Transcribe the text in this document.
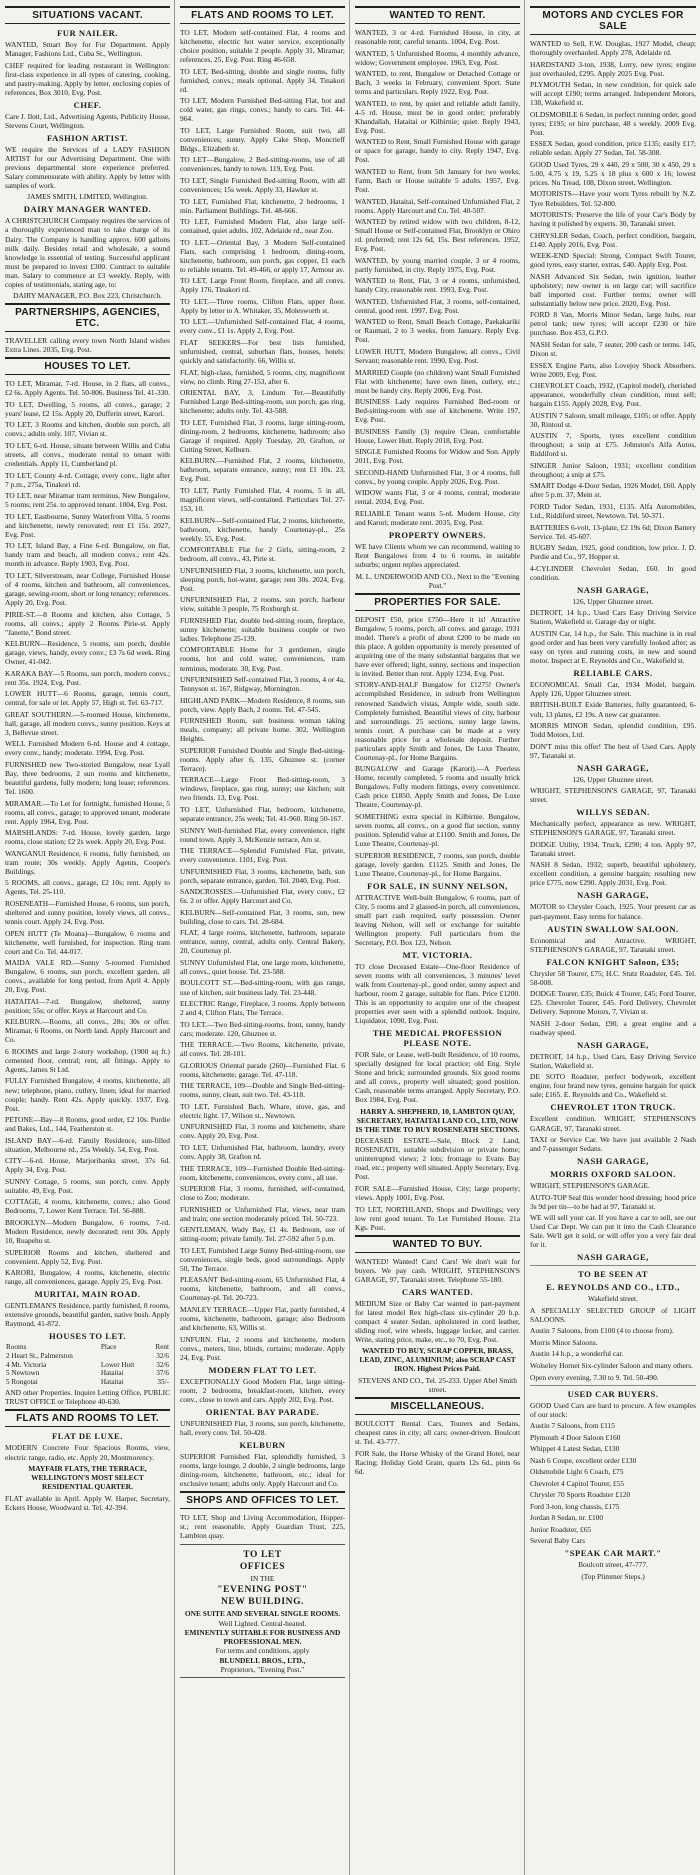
SITUATIONS VACANT.
FUR NAILER.

WANTED, Smart Boy for Fur Department. Apply Manager, Fashions Ltd., Cuba St., Wellington.

CHEF required for leading restaurant in Wellington: first-class experience in all types of catering, cooking, and pastry-making. Apply by letter, enclosing copies of references, Box 3010, Evg. Post.

CHEF.

Care J. Ilott, Ltd., Advertising Agents, Publicity House, Stevens Court, Wellington.

FASHION ARTIST.

WE require the Services of a LADY FASHION ARTIST for our Advertising Department. One with previous departmental store experience preferred. Salary commensurate with ability. Apply by letter with samples of work.

JAMES SMITH, LIMITED, Wellington.

DAIRY MANAGER WANTED.

A CHRISTCHURCH Company requires the services of a thoroughly experienced man to take charge of its Dairy. The Company is handling approx. 600 gallons milk daily. Besides retail and wholesale, a sound knowledge is essential of testing. Successful applicant must be prepared to invest £300. Contract to suitable man. Salary to commence at £3 weekly. Reply, with copies of testimonials, stating age, to:

DAIRY MANAGER, P.O. Box 223, Christchurch.

PARTNERSHIPS, AGENCIES, ETC.

TRAVELLER calling every town North Island wishes Extra Lines. 2035, Evg. Post.

HOUSES TO LET.

TO LET, Miramar, 7-rd. House, in 2 flats, all convs., £2 6s. Apply Agents. Tel. 50-806. Business Tel. 41-330.

TO LET, Dwelling, 5 rooms, all convs., garage; 2 years' lease, £2 15s. Apply 20, Dufferin street, Karori.

TO LET, 3 Rooms and kitchen, double sun porch, all convs.; adults only. 107, Vivian st.

TO LET, 6-rd. House, situate between Willis and Cuba streets, all convs., moderate rental to tenant with credentials. Apply 11, Cumberland pl.

TO LET, County 4-rd. Cottage, every conv., light after 7 p.m., 275a, Tinakori rd.

TO LET, near Miramar tram terminus, New Bungalow, 5 rooms; rent 25s. to approved tenant. 1004, Evg. Post.

TO LET, Eastbourne, Sunny Waterfront Villa, 5 rooms and kitchenette, newly renovated; rent £1 15s. 2027, Evg. Post.

TO LET, Island Bay, a Fine 6-rd. Bungalow, on flat, handy tram and beach, all modern convs.; rent 42s. month in advance. Reply 1903, Evg. Post.

TO LET, Silverstream, near College, Furnished House of 4 rooms, kitchen and bathroom, all conveniences, garage, sewing-room, short or long tenancy; references. Apply 20, Evg. Post.

PIRIE-ST.—8 Rooms and kitchen, also Cottage, 5 rooms, all convs.; apply 2 Rooms Pirie-st. Apply "Janette," Bond street.

KELBURN—Residence, 5 rooms, sun porch, double garage, views, handy, every conv.; £3 7s 6d week. Ring Owner, 41-042.

KARAKA BAY—5 Rooms, sun porch, modern convs.; rent 35s. 1924, Evg. Post.

LOWER HUTT—6 Rooms, garage, tennis court, central, for sale or let. Apply 57, High st. Tel. 63-717.

GREAT SOUTHERN.—5-roomed House, kitchenette, hall, garage, all modern convs., sunny position. Keys at 3, Bellevue street.

WELL Furnished Modern 6-rd. House and 4 cottage, every conv., handy; moderate. 1994, Evg. Post.

FURNISHED new Two-storied Bungalow, near Lyall Bay, three bedrooms, 2 sun rooms and kitchenette, beautiful gardens, fully modern; long lease; references. Tel. 1600.

MIRAMAR.—To Let for fortnight, furnished House, 5 rooms, all convs., garage; to approved tenant, moderate rent. Apply 1964, Evg. Post.

MARSHLANDS: 7-rd. House, lovely garden, large rooms, close station; £2 2s week. Apply 20, Evg. Post.

WANGANUI Residence, 6 rooms, fully furnished, on tram route; 30s weekly. Apply Agents, Cooper's Buildings.

5 ROOMS, all convs., garage, £2 10s; rent. Apply to Agents, Tel. 25-110.

ROSENEATH—Furnished House, 6 rooms, sun porch, sheltered and sunny position, lovely views, all convs., tennis court. Apply 24, Evg. Post.

OPEN HUTT (Te Moana)—Bungalow, 6 rooms and kitchenette, well furnished, for inspection. Ring tram court and Co. Tel. 44-017.

MAIDA VALE RD.—Sunny 5-roomed Furnished Bungalow, 6 rooms, sun porch, excellent garden, all convs., available for long period, from April 4. Apply 20, Evg. Post.

HATAITAI—7-rd. Bungalow, sheltered, sunny position; 55s; or offer. Keys at Harcourt and Co.

KELBURN.—Rooms, all convs., 28s; 30s or offer. Miramar, 6 Rooms, on North land. Apply Harcourt and Co.

6 ROOMS and large 2-story workshop, (1900 sq ft.) cemented floor, central; rent, all fittings. Apply to Agents, James St Ltd.

FULLY Furnished Bungalow, 4 rooms, kitchenette, all new; telephone, piano, cutlery, linen; ideal for married couple; handy. Rent 42s. Apply quickly. 1937, Evg. Post.

PETONE—Bay—8 Rooms, good order, £2 10s. Purdie and Bakes, Ltd., 144, Featherston st.

ISLAND BAY—6-rd. Family Residence, sun-filled situation, Melbourne rd., 25s Weekly. 54, Evg. Post.

CITY—6-rd. House, Marjoribanks street, 37s 6d. Apply 34, Evg. Post.

SUNNY Cottage, 5 rooms, sun porch, conv. Apply suitable. 49, Evg. Post.

COTTAGE, 4 rooms, kitchenette, convs.; also Good Bedrooms, 7, Lower Kent Terrace. Tel. 56-888.

BROOKLYN—Modern Bungalow, 6 rooms, 7-rd. Modern Residence, newly decorated; rent 30s. Apply 10, Ruapehu st.

SUPERIOR Rooms and kitchen, sheltered and convenient. Apply 52, Evg. Post.

KARORI, Bungalow, 4 rooms, kitchenette, electric range, all conveniences, garage. Apply 25, Evg. Post.

MURITAI, MAIN ROAD.

GENTLEMAN'S Residence, partly furnished, 8 rooms, extensive grounds, beautiful garden, native bush. Apply Raymond, 41-872.

HOUSES TO LET.
Rooms	Place	Rent
2 Heart St., Palmerston		32/6
4 Mt. Victoria	Lower Hutt	32/6
5 Newtown	Hataitai	37/6
5 Rongotai	Hataitai	35/-

AND other Properties. Inquire Letting Office, PUBLIC TRUST OFFICE or Telephone 40-630.

FLATS AND ROOMS TO LET.
FLAT DE LUXE.

MODERN Concrete Four Spacious Rooms, view, electric range, radio, etc. Apply 20, Montmorency.

MAYFAIR FLATS, THE TERRACE, WELLINGTON'S MOST SELECT RESIDENTIAL QUARTER.

FLAT available in April. Apply W. Harper, Secretary, Eckers House, Woodward st. Tel. 42-394.

FLATS AND ROOMS TO LET.

TO LET, Modern self-contained Flat, 4 rooms and kitchenette, electric hot water service, exceptionally choice position, suitable 2 people. Apply 31, Miramar; references, 25, Evg. Post. Ring 46-658.

TO LET, Bed-sitting, double and single rooms, fully furnished, convs.; meals optional. Apply 34, Tinakori rd.

TO LET, Modern Furnished Bed-sitting Flat, hot and cold water, gas rings, convs.; handy to cars. Tel. 44-964.

TO LET, Large Furnished Room, suit two, all conveniences; sunny. Apply Cake Shop, Moncrieff Bldgs., Elizabeth st.

TO LET—Bungalow, 2 Bed-sitting-rooms, use of all conveniences, handy to town. 119, Evg. Post.

TO LET, Single Furnished Bed-sitting Room, with all conveniences; 15s week. Apply 33, Hawker st.

TO LET, Furnished Flat, kitchenette, 2 bedrooms, 1 min. Parliament Buildings. Tel. 48-666.

TO LET, Furnished Modern Flat, also large self-contained, quiet adults. 102, Adelaide rd., near Zoo.

TO LET.—Oriental Bay, 3 Modern Self-contained Flats, each comprising 1 bedroom, dining-room, kitchenette, bathroom, sun porch, gas copper, £1 each to reliable tenants. Tel. 49-466, or apply 17, Armour av.

TO LET, Large Front Room, fireplace, and all convs. Apply 176, Tinakori rd.

TO LET.—Three rooms, Clifton Flats, upper floor. Apply by letter to A. Whitaker, 35, Molesworth st.

TO LET.—Unfurnished Self-contained Flat, 4 rooms, every conv., £1 1s. Apply 2, Evg. Post.

FLAT SEEKERS—For best lists furnished, unfurnished, central, suburban flats, houses, hotels: quickly and satisfactorily. 66, Willis st.

FLAT, high-class, furnished, 5 rooms, city, magnificent view, no climb. Ring 27-153, after 6.

ORIENTAL BAY, 3, Lindum Ter.—Beautifully Furnished Large Bed-sitting-room, sun porch, gas ring, kitchenette; adults only. Tel. 43-588.

TO LET, Furnished Flat, 3 rooms, large sitting-room, dining-room, 2 bedrooms, kitchenette, bathroom; also Garage if required. Apply Tuesday, 20, Grafton, or Cutting Street, Kelburn.

KELBURN.—Furnished Flat, 2 rooms, kitchenette, bathroom, separate entrance, sunny; rent £1 10s. 23, Evg. Post.

TO LET, Partly Furnished Flat, 4 rooms, 5 in all, magnificent views, self-contained. Particulars Tel. 27-153, 10.

KELBURN—Self-contained Flat, 2 rooms, kitchenette, bathroom, kitchenette, handy Courtenay-pl., 25s weekly. 55, Evg. Post.

COMFORTABLE Flat for 2 Girls, sitting-room, 2 bedroom, all convs., 43, Pirie st.

UNFURNISHED Flat, 3 rooms, kitchenette, sun porch, sleeping porch, hot-water, garage; rent 30s. 2024, Evg. Post.

UNFURNISHED Flat, 2 rooms, sun porch, harbour view, suitable 3 people, 75 Roxburgh st.

FURNISHED Flat, double bed-sitting room, fireplace, sunny kitchenette; suitable business couple or two ladies. Telephone 25-139.

COMFORTABLE Home for 3 gentlemen, single rooms, hot and cold water, conveniences, tram terminus, moderate. 30, Evg. Post.

UNFURNISHED Self-contained Flat, 3 rooms, 4 or 4a, Tennyson st. 167, Ridgway, Mornington.

HIGHLAND PARK—Modern Residence, 8 rooms, sun porch, view. Apply Bach, 2 rooms. Tel. 47-545.

FURNISHED Room, suit business woman taking meals, company; all private home. 302, Wellington Heights.

SUPERIOR Furnished Double and Single Bed-sitting-rooms. Apply after 6, 135, Ghuznee st. (corner Terrace).

TERRACE—Large Front Bed-sitting-room, 3 windows, fireplace, gas ring, sunny; use kitchen; suit two friends. 13, Evg. Post.

TO LET, Unfurnished Flat, bedroom, kitchenette, separate entrance, 25s week; Tel. 41-960. Ring 50-167.

SUNNY Well-furnished Flat, every convenience, right round town. Apply 3, McKenzie terrace, Aro st.

THE TERRACE—Splendid Furnished Flat, private, every convenience. 1101, Evg. Post.

UNFURNISHED Flat, 3 rooms, kitchenette, bath, sun porch, separate entrance, garden. Tel. 2040, Evg. Post.

SANDCROSSES.—Unfurnished Flat, every conv., £2 6s. 2 or offer. Apply Harcourt and Co.

KELBURN—Self-contained Flat, 3 rooms, sun, new building, close to cars. Tel. 28-684.

FLAT, 4 large rooms, kitchenette, bathroom, separate entrance, sunny, central, adults only. Central Bakery, 20, Courtenay pl.

SUNNY Unfurnished Flat, one large room, kitchenette, all convs., quiet house. Tel. 23-588.

BOULCOTT ST.—Bed-sitting-room, with gas range, use of kitchen, suit business lady. Tel. 23-448.

ELECTRIC Range, Fireplace, 3 rooms. Apply between 2 and 4, Clifton Flats, The Terrace.

TO LET.—Two Bed-sitting-rooms, front, sunny, handy cars; moderate. 120, Ghuznee st.

THE TERRACE.—Two Rooms, kitchenette, private, all convs. Tel. 28-101.

GLORIOUS Oriental parade (260)—Furnished Flat. 6 rooms, kitchenette; garage. Tel. 47-118.

THE TERRACE, 109—Double and Single Bed-sitting-rooms, sunny, clean, suit two. Tel. 43-118.

TO LET, Furnished Bach, Whare, stove, gas, and electric light. 17, Wilson st., Newtown.

UNFURNISHED Flat, 3 rooms and kitchenette, share conv. Apply 20, Evg. Post.

TO LET, Unfurnished Flat, bathroom, laundry, every conv. Apply 38, Grafton rd.

THE TERRACE, 109—Furnished Double Bed-sitting-room, kitchenette, conveniences, every conv., all use.

SUPERIOR Flat, 3 rooms, furnished, self-contained, close to Zoo; moderate.

FURNISHED or Unfurnished Flat, views, near tram and train; one section moderately priced. Tel. 50-723.

GENTLEMAN, Wady Bay, £1 4s. Bedroom, use of sitting-room; private family. Tel. 27-592 after 5 p.m.

TO LET, Furnished Large Sunny Bed-sitting-room, use conveniences, single beds, good surroundings. Apply 50, The Terrace.

PLEASANT Bed-sitting-room, 65 Unfurnished Flat, 4 rooms, kitchenette, bathroom, and all convs., Courtenay-pl. Tel. 20-723.

MANLEY TERRACE—Upper Flat, partly furnished, 4 rooms, kitchenette, bathroom, garage; also Bedroom and kitchenette, 63, Willis st.

UNFURN. Flat, 2 rooms and kitchenette, modern convs., meters, lino, blinds, curtains; moderate. Apply 24, Evg. Post.

MODERN FLAT TO LET.

EXCEPTIONALLY Good Modern Flat, large sitting-room, 2 bedrooms, breakfast-room, kitchen, every conv., close to town and cars. Apply 202, Evg. Post.

ORIENTAL BAY PARADE.

UNFURNISHED Flat, 3 rooms, sun porch, kitchenette, hall, every conv. Tel. 50-428.

KELBURN

SUPERIOR Furnished Flat, splendidly furnished, 3 rooms, large lounge, 2 double, 2 single bedrooms, large dining-room, kitchenette, bathroom, etc.; ideal for exclusive tenant; adults only. Apply Harcourt and Co.

SHOPS AND OFFICES TO LET.

TO LET, Shop and Living Accommodation, Hopper-st.; rent reasonable. Apply Guardian Trust, 225, Lambton quay.

TO LET
OFFICES
IN THE
"EVENING POST"
NEW BUILDING.
ONE SUITE AND SEVERAL SINGLE ROOMS.
Well Lighted. Central-heated.
EMINENTLY SUITABLE FOR BUSINESS AND PROFESSIONAL MEN.
For terms and conditions, apply
BLUNDELL BROS., LTD.,
Proprietors, "Evening Post."
WANTED TO RENT.

WANTED, 3 or 4-rd. Furnished House, in city, at reasonable rent; careful tenants. 1004, Evg. Post.

WANTED, 5 Unfurnished Rooms, 4 monthly advance, widow; Government employee. 1963, Evg. Post.

WANTED, to rent, Bungalow or Detached Cottage or Bach, 3 weeks in February, convenient Sport. State terms and particulars. Reply 1922, Evg. Post.

WANTED, to rent, by quiet and reliable adult family, 4-5 rd. House, must be in good order; preferably Khandallah, Hataitai or Kilbirnie; quiet. Reply 1943, Evg. Post.

WANTED to Rent, Small Furnished House with garage or space for garage, handy to city. Reply 1947, Evg. Post.

WANTED to Rent, from 5th January for two weeks, Farm, Bach or House suitable 5 adults. 1957, Evg. Post.

WANTED, Hataitai, Self-contained Unfurnished Flat, 2 rooms. Apply Harcourt and Co. Tel. 40-507.

WANTED by retired widow with two children, 8-12, Small House or Self-contained Flat, Brooklyn or Ohiro rd. preferred; rent 12s 6d, 15s. Best references. 1952, Evg. Post.

WANTED, by young married couple, 3 or 4 rooms, partly furnished, in city. Reply 1975, Evg. Post.

WANTED to Rent, Flat, 3 or 4 rooms, unfurnished, handy City, reasonable rent. 1993, Evg. Post.

WANTED, Unfurnished Flat, 3 rooms, self-contained, central, good rent. 1997, Evg. Post.

WANTED to Rent, Small Beach Cottage, Paekakariki or Raumati, 2 to 3 weeks, from January. Reply Evg. Post.

LOWER HUTT, Modern Bungalow, all convs., Civil Servant; reasonable rent. 1990, Evg. Post.

MARRIED Couple (no children) want Small Furnished Flat with kitchenette; have own linen, cutlery, etc.; must be handy city. Reply 2006, Evg. Post.

BUSINESS Lady requires Furnished Bed-room or Bed-sitting-room with use of kitchenette. Write 197, Evg. Post.

BUSINESS Family (3) require Clean, comfortable House, Lower Hutt. Reply 2018, Evg. Post.

SINGLE Furnished Rooms for Widow and Son. Apply 2011, Evg. Post.

SECOND-HAND Unfurnished Flat, 3 or 4 rooms, full convs., by young couple. Apply 2026, Evg. Post.

WIDOW wants Flat, 3 or 4 rooms, central, moderate rental. 2034, Evg. Post.

RELIABLE Tenant wants 5-rd. Modern House, city and Karori; moderate rent. 2035, Evg. Post.

PROPERTY OWNERS.

WE have Clients whom we can recommend, waiting to Rent Bungalows from 4 to 6 rooms, in suitable suburbs; urgent replies appreciated.

M. L. UNDERWOOD AND CO., Next to the "Evening Post."

PROPERTIES FOR SALE.

DEPOSIT £50, price £750—Here it is! Attractive Bungalow, 5 rooms, porch, all convs. and garage, 1931 model. There's a profit of about £200 to be made on this place. A golden opportunity is merely presented of acquiring one of the many substantial bargains that we have ever offered; light, sunny, sections and inspection is invited. Better than rent. Apply 1234, Evg. Post.

STORY-AND-HALF Bungalow for £1275! Owner's accomplished Residence, in suburb from Wellington renowned Sandwich vistas, Ample wide, south side. Completely furnished. Beautiful views of city, harbour and surroundings. 25 sections, sunny large lawns, tennis court. A purchase can be made at a very reasonable price for a wholesale deposit. Further particulars apply Smith and Jones, De Luxe Theatre, Courtenay-pl., for Home Bargains.

BUNGALOW and Garage (Karori).—A Peerless Home, recently completed, 5 rooms and usually brick Bungalows, Fully modern fittings, every convenience. Cash price £1850. Apply Smith and Jones, De Luxe Theatre, Courtenay-pl.

SOMETHING extra special in Kilbirnie. Bungalow, seven rooms, all convs., on a good flat section, sunny position. Splendid value at £1100. Smith and Jones, De Luxe Theatre, Courtenay-pl.

SUPERIOR RESIDENCE, 7 rooms, sun porch, double garage, lovely garden. £1125. Smith and Jones, De Luxe Theatre, Courtenay-pl., for Home Bargains.

FOR SALE, IN SUNNY NELSON,

ATTRACTIVE Well-built Bungalow, 6 rooms, part of City, 5 rooms and 2 glassed-in porch, all conveniences, small part cash required, early possession. Owner leaving Nelson, will sell or exchange for suitable Wellington property. Full particulars from the Secretary, P.O. Box 123, Nelson.

MT. VICTORIA.

TO close Deceased Estate—One-floor Residence of seven rooms with all conveniences, 3 minutes' level walk from Courtenay-pl., good order, sunny aspect and harbour, room 2 garage, suitable for flats. Price £1200. This is an opportunity to acquire one of the cheapest properties ever seen with a splendid outlook. Inquire, Liquidator, 1090, Evg. Post.

THE MEDICAL PROFESSION PLEASE NOTE.

FOR Sale, or Lease, well-built Residence, of 10 rooms, specially designed for local practice; old Eng. Style Stone and brick; surrounded grounds. Six good rooms and all convs., property well situated; good position. Cash, reasonable terms arranged. Apply Secretary, P.O. Box 1984, Evg. Post.

HARRY A. SHEPHERD, 10, LAMBTON QUAY, SECRETARY, HATAITAI LAND CO., LTD, NOW IS THE TIME TO BUY ROSENEATH SECTIONS.

DECEASED ESTATE—Sale, Block 2 Land, ROSENEATH, suitable subdivision or private home; uninterrupted views; 2 lots; frontage to Evans Bay road, etc.; property well situated. Apply Secretary, Evg. Post.

FOR SALE—Furnished House, City; large property; views. Apply 1001, Evg. Post.

TO LET, NORTHLAND, Shops and Dwellings; very low rent good tenant. To Let Furnished House. 21a Kgs. Post.

WANTED TO BUY.

WANTED! Wanted! Cars! Cars! We don't wait for buyers. We pay cash. WRIGHT, STEPHENSON'S GARAGE, 97, Taranaki street. Telephone 55-180.

CARS WANTED.

MEDIUM Size or Baby Car wanted in part-payment for latest model Rex high-class six-cylinder 20 h.p. compact 4 seater Sedan, upholstered in cord leather, sliding roof, wire wheels, luggage locker, and carrier. Write, stating price, make, etc., to 70, Evg. Post.

WANTED TO BUY, SCRAP COPPER, BRASS, LEAD, ZINC, ALUMINIUM; also SCRAP CAST IRON. Highest Prices Paid.

STEVENS AND CO., Tel. 25-233. Upper Abel Smith street.

MISCELLANEOUS.

BOULCOTT Rental Cars, Tourers and Sedans, cheapest rates in city; all cars; owner-driven. Boulcott st. Tel. 43-777.

FOR Sale, the Horse Whisky of the Grand Hotel, near Racing; Holiday Gold Grain, quarts 12s 6d., pints 6s 6d.

MOTORS AND CYCLES FOR SALE

WANTED to Sell, F.W. Douglas, 1927 Model, cheap; thoroughly overhauled. Apply 278, Adelaide rd.

HARDSTAND 3-ton, 1938, Lorry, new tyres; engine just overhauled, £295. Apply 2025 Evg. Post.

PLYMOUTH Sedan, in new condition, for quick sale will accept £190; terms arranged. Independent Motors, 138, Wakefield st.

OLDSMOBILE 6 Sedan, in perfect running order, good tyres; £195; or hire purchase, 48 s weekly. 2009 Evg. Post.

ESSEX Sedan, good condition, price £135; easily £17; reliable sedan. Apply 27 Sedan, Tel. 58-308.

GOOD Used Tyres, 29 x 440, 29 x 500, 30 x 450, 29 x 5.00, 4.75 x 19, 5.25 x 18 plus x 600 x 16; lowest prices. Nu Tread, 108, Dixon street, Wellington.

MOTORISTS—Have your worn Tyres rebuilt by N.Z. Tyre Rebuilders, Tel. 52-800.

MOTORISTS: Preserve the life of your Car's Body by having it polished by experts. 30, Taranaki street.

CHRYSLER Sedan, Coach, perfect condition, bargain, £140. Apply 2016, Evg. Post.

WEEK-END Special: Strong, Compact Swift Tourer, good tyres, easy starter, extras, £40. Apply Evg. Post.

NASH Advanced Six Sedan, twin ignition, leather upholstery; new owner is on large car; will sacrifice ball imported cost. Further terms; owner will substantially below new price. 2020, Evg. Post.

FORD 8 Van, Morris Minor Sedan, large hubs, rear petrol tank; new tyres; will accept £230 or hire purchase. Box 453, G.P.O.

NASH Sedan for sale, 7 seater, 200 cash or terms. 145, Dixon st.

ESSEX Engine Parts, also Lovejoy Shock Absorbers. Write 2009, Evg. Post.

CHEVROLET Coach, 1932, (Capitol model), cherished appearance, wonderfully clean condition, must sell; bargain £155. Apply 2028, Evg. Post.

AUSTIN 7 Saloon, small mileage, £105; or offer. Apply 30, Rintoul st.

AUSTIN 7, Sports, tyres excellent condition throughout; a snip at £75. Johnston's Alfa Autos, Riddiford st.

SINGER Junior Saloon, 1931; excellent condition throughout; a snip at £75.

SMART Dodge 4-Door Sedan, 1926 Model, £60. Apply after 5 p.m. 37, Mein st.

FORD Tudor Sedan, 1931, £135. Alfa Automobiles, Ltd., Riddiford street, Newtown. Tel. 50-371.

BATTERIES 6-volt, 13-plate, £2 19s 6d; Dixon Battery Service. Tel. 45-607.

RUGBY Sedan, 1925, good condition, low price. J. D. Purdie and Co., 97, Hopper st.

4-CYLINDER Chevrolet Sedan, £60. In good condition.

NASH GARAGE,

126, Upper Ghuznee street.

DETROIT, 14 h.p., Used Cars Easy Driving Service Station, Wakefield st. Garage day or night.

AUSTIN Car, 14 h.p., for Sale. This machine is in real good order and has been very carefully looked after; as easy on tyres and running costs, in new and sound motor. Inspect at E. Reynolds and Co., Wakefield st.

RELIABLE CARS.

ECONOMICAL Small Car, 1934 Model, bargain. Apply 126, Upper Ghuznee street.

BRITISH-BUILT Exide Batteries, fully guaranteed, 6-volt, 13 plates, £2 19s. A new car guarantee.

MORRIS MINOR Sedan, splendid condition, £95. Todd Motors, Ltd.

DON'T miss this offer! The best of Used Cars. Apply 97, Taranaki st.

NASH GARAGE,

126, Upper Ghuznee street.

WRIGHT, STEPHENSON'S GARAGE, 97, Taranaki street.

WILLYS SEDAN.

Mechanically perfect, appearance as new. WRIGHT, STEPHENSON'S GARAGE, 97, Taranaki street.

DODGE Utility, 1934, Truck, £290; 4 ton. Apply 97, Taranaki street.

NASH 8 Sedan, 1932; superb, beautiful upholstery, excellent condition, a genuine bargain; resulting new price £775, now £290. Apply 2031, Evg. Post.

NASH GARAGE,

MOTOR to Chrysler Coach, 1925. Your present car as part-payment. Easy terms for balance.

AUSTIN SWALLOW SALOON.

Economical and Attractive. WRIGHT, STEPHENSON'S GARAGE, 97, Taranaki street.

FALCON KNIGHT Saloon, £35;

Chrysler 58 Tourer, £75; H.C. Stutz Roadster, £45. Tel. 58-008.

DODGE Tourer, £35; Buick 4 Tourer, £45; Ford Tourer, £25. Chevrolet Tourer, £45. Ford Delivery, Chevrolet Delivery. Supreme Motors, 7, Vivian st.

NASH 2-door Sedan, £90, a great engine and a roadway speed.

NASH GARAGE,

DETROIT, 14 h.p., Used Cars, Easy Driving Service Station, Wakefield st.

DE SOTO Roadster, perfect bodywork, excellent engine, four brand new tyres, genuine bargain for quick sale; £165. E. Reynolds and Co., Wakefield st.

CHEVROLET 1TON TRUCK.

Excellent condition. WRIGHT, STEPHENSON'S GARAGE, 97, Taranaki street.

TAXI or Service Car. We have just available 2 Nash and 7-passenger Sedans.

NASH GARAGE,
MORRIS OXFORD SALOON.

WRIGHT, STEPHENSON'S GARAGE.

AUTO-TOP Seal this wonder hood dressing; hood price 3s 9d per tin—to be had at 97, Taranaki st.

WE will sell your car. If you have a car to sell, see our Used Car Dept. We can put it into the Cash Clearance Sale. We'll get it sold, or will offer you a very fair deal for it.

NASH GARAGE,
TO BE SEEN AT
E. REYNOLDS AND CO., LTD.,

Wakefield street.

A SPECIALLY SELECTED GROUP of LIGHT SALOONS.

Austin 7 Saloons, from £100 (4 to choose from).

Morris Minor Saloons.

Austin 14 h.p., a wonderful car.

Wolseley Hornet Six-cylinder Saloon and many others.

Open every evening, 7.30 to 9. Tel. 50-490.

USED CAR BUYERS.

GOOD Used Cars are hard to procure. A few examples of our stock:

Austin 7 Saloons, from £115

Plymouth 4 Door Saloon £160

Whippet 4 Latest Sedan, £130

Nash 6 Coupe, excellent order £130

Oldsmobile Light 6 Coach, £75

Chevrolet 4 Capitol Tourer, £55

Chrysler 70 Sports Roadster £120

Ford 3-ton, long chassis, £175

Jordan 8 Sedan, nr. £100

Junior Roadster, £65

Several Baby Cars

"SPEAK CAR MART."

Boulcott street, 47-777.

(Top Plimmer Steps.)
